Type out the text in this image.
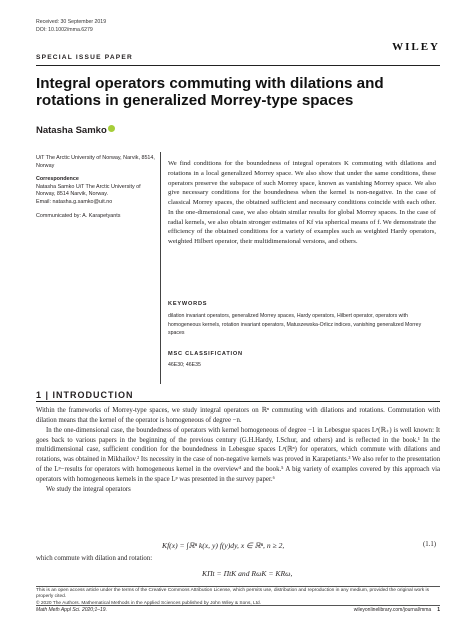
Received: 30 September 2019
DOI: 10.1002/mma.6279
WILEY
SPECIAL ISSUE PAPER
Integral operators commuting with dilations and rotations in generalized Morrey-type spaces
Natasha Samko
UiT The Arctic University of Norway, Narvik, 8514, Norway
Correspondence
Natasha Samko UiT The Arctic University of Norway, 8514 Narvik, Norway.
Email: natasha.g.samko@uit.no
Communicated by: A. Karapetyants
We find conditions for the boundedness of integral operators K commuting with dilations and rotations in a local generalized Morrey space. We also show that under the same conditions, these operators preserve the subspace of such Morrey space, known as vanishing Morrey space. We also give necessary conditions for the boundedness when the kernel is non-negative. In the case of classical Morrey spaces, the obtained sufficient and necessary conditions coincide with each other. In the one-dimensional case, we also obtain similar results for global Morrey spaces. In the case of radial kernels, we also obtain stronger estimates of Kf via spherical means of f. We demonstrate the efficiency of the obtained conditions for a variety of examples such as weighted Hardy operators, weighted Hilbert operator, their multidimensional versions, and others.
KEYWORDS
dilation invariant operators, generalized Morrey spaces, Hardy operators, Hilbert operator, operators with homogeneous kernels, rotation invariant operators, Matuszewska-Orlicz indices, vanishing generalized Morrey spaces
MSC CLASSIFICATION
46E30; 46E35
1 | INTRODUCTION

Within the frameworks of Morrey-type spaces, we study integral operators on ℝⁿ commuting with dilations and rotations. Commutation with dilation means that the kernel of the operator is homogeneous of degree −n.

In the one-dimensional case, the boundedness of operators with kernel homogeneous of degree −1 in Lebesgue spaces Lᵖ(ℝ₊) is well known: It goes back to various papers in the beginning of the previous century (G.H.Hardy, I.Schur, and others) and is reflected in the book.¹ In the multidimensional case, sufficient condition for the boundedness in Lebesgue spaces Lᵖ(ℝⁿ) for operators, which commute with dilations and rotations, was obtained in Mikhailov.² Its necessity in the case of non-negative kernels was proved in Karapetiants.³ We also refer to the presentation of the Lᵖ−results for operators with homogeneous kernel in the overview⁴ and the book.⁵ A big variety of examples covered by this approach via operators with homogeneous kernels in the space Lᵖ was presented in the survey paper.⁶

We study the integral operators

Kf(x) = ∫ℝⁿ k(x, y) f(y)dy, x ∈ ℝⁿ, n ≥ 2,	(1.1)
which commute with dilation and rotation:
KΠt = ΠtK and RωK = KRω,
This is an open access article under the terms of the Creative Commons Attribution License, which permits use, distribution and reproduction in any medium, provided the original work is properly cited.
© 2020 The Authors. Mathematical Methods in the Applied Sciences published by John Wiley & Sons, Ltd.
Math Meth Appl Sci. 2020;1–19.	wileyonlinelibrary.com/journal/mma 1
